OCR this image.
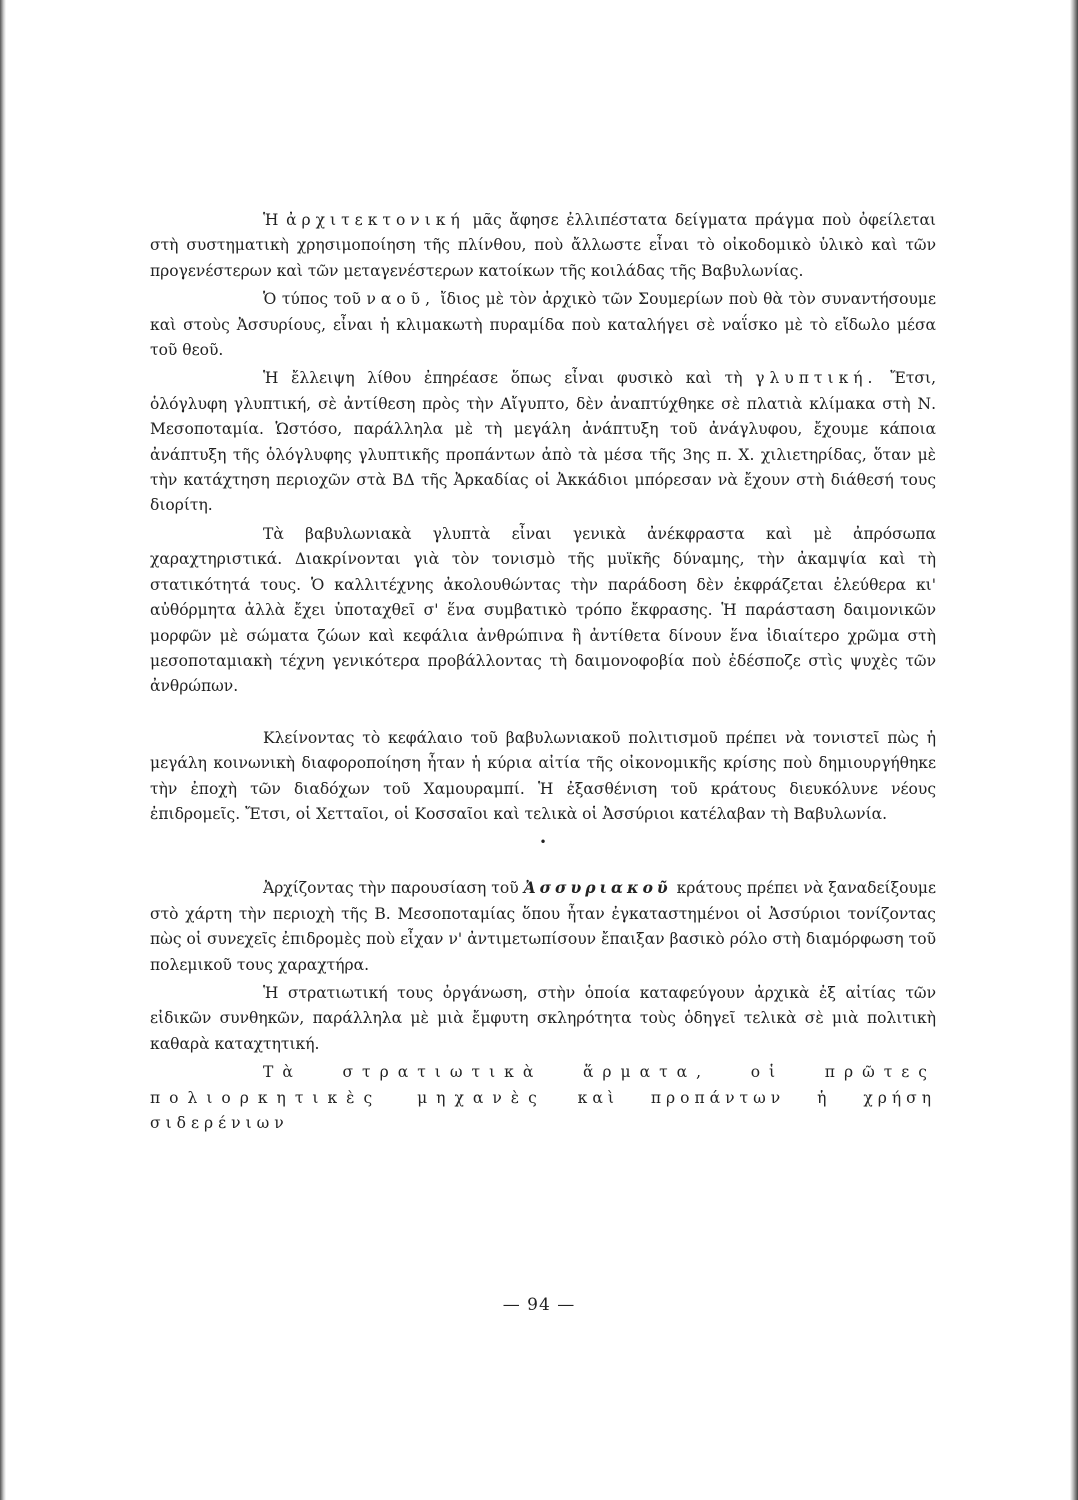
Ἡ ἀρχιτεκτονική μᾶς ἄφησε ἐλλιπέστατα δείγματα πράγμα ποὺ ὀφείλεται στὴ συστηματικὴ χρησιμοποίηση τῆς πλίνθου, ποὺ ἄλλωστε εἶναι τὸ οἰκοδομικὸ ὑλικὸ καὶ τῶν προγενέστερων καὶ τῶν μεταγενέστερων κατοίκων τῆς κοιλάδας τῆς Βαβυλωνίας.

Ὁ τύπος τοῦ ναοῦ, ἴδιος μὲ τὸν ἀρχικὸ τῶν Σουμερίων ποὺ θὰ τὸν συναντήσουμε καὶ στοὺς Ἀσσυρίους, εἶναι ἡ κλιμακωτὴ πυραμίδα ποὺ καταλήγει σὲ ναΐσκο μὲ τὸ εἴδωλο μέσα τοῦ θεοῦ.

Ἡ ἔλλειψη λίθου ἐπηρέασε ὅπως εἶναι φυσικὸ καὶ τὴ γλυπτική. Ἔτσι, ὁλόγλυφη γλυπτική, σὲ ἀντίθεση πρὸς τὴν Αἴγυπτο, δὲν ἀναπτύχθηκε σὲ πλατιὰ κλίμακα στὴ Ν. Μεσοποταμία. Ὡστόσο, παράλληλα μὲ τὴ μεγάλη ἀνάπτυξη τοῦ ἀνάγλυφου, ἔχουμε κάποια ἀνάπτυξη τῆς ὁλόγλυφης γλυπτικῆς προπάντων ἀπὸ τὰ μέσα τῆς 3ης π. Χ. χιλιετηρίδας, ὅταν μὲ τὴν κατάχτηση περιοχῶν στὰ ΒΔ τῆς Ἀρκαδίας οἱ Ἀκκάδιοι μπόρεσαν νὰ ἔχουν στὴ διάθεσή τους διορίτη.

Τὰ βαβυλωνιακὰ γλυπτὰ εἶναι γενικὰ ἀνέκφραστα καὶ μὲ ἀπρόσωπα χαραχτηριστικά. Διακρίνονται γιὰ τὸν τονισμὸ τῆς μυϊκῆς δύναμης, τὴν ἀκαμψία καὶ τὴ στατικότητά τους. Ὁ καλλιτέχνης ἀκολουθώντας τὴν παράδοση δὲν ἐκφράζεται ἐλεύθερα κι' αὐθόρμητα ἀλλὰ ἔχει ὑποταχθεῖ σ' ἕνα συμβατικὸ τρόπο ἔκφρασης. Ἡ παράσταση δαιμονικῶν μορφῶν μὲ σώματα ζώων καὶ κεφάλια ἀνθρώπινα ἢ ἀντίθετα δίνουν ἕνα ἰδιαίτερο χρῶμα στὴ μεσοποταμιακὴ τέχνη γενικότερα προβάλλοντας τὴ δαιμονοφοβία ποὺ ἐδέσποζε στὶς ψυχὲς τῶν ἀνθρώπων.

Κλείνοντας τὸ κεφάλαιο τοῦ βαβυλωνιακοῦ πολιτισμοῦ πρέπει νὰ τονιστεῖ πὼς ἡ μεγάλη κοινωνικὴ διαφοροποίηση ἦταν ἡ κύρια αἰτία τῆς οἰκονομικῆς κρίσης ποὺ δημιουργήθηκε τὴν ἐποχὴ τῶν διαδόχων τοῦ Χαμουραμπί. Ἡ ἐξασθένιση τοῦ κράτους διευκόλυνε νέους ἐπιδρομεῖς. Ἔτσι, οἱ Χετταῖοι, οἱ Κοσσαῖοι καὶ τελικὰ οἱ Ἀσσύριοι κατέλαβαν τὴ Βαβυλωνία.

•

Ἀρχίζοντας τὴν παρουσίαση τοῦ Ἀσσυριακοῦ κράτους πρέπει νὰ ξαναδείξουμε στὸ χάρτη τὴν περιοχὴ τῆς Β. Μεσοποταμίας ὅπου ἦταν ἐγκαταστημένοι οἱ Ἀσσύριοι τονίζοντας πὼς οἱ συνεχεῖς ἐπιδρομὲς ποὺ εἶχαν ν' ἀντιμετωπίσουν ἔπαιξαν βασικὸ ρόλο στὴ διαμόρφωση τοῦ πολεμικοῦ τους χαραχτήρα.

Ἡ στρατιωτική τους ὀργάνωση, στὴν ὁποία καταφεύγουν ἀρχικὰ ἐξ αἰτίας τῶν εἰδικῶν συνθηκῶν, παράλληλα μὲ μιὰ ἔμφυτη σκληρότητα τοὺς ὁδηγεῖ τελικὰ σὲ μιὰ πολιτικὴ καθαρὰ καταχτητική.

Τὰ στρατιωτικὰ ἅρματα, οἱ πρῶτες πολιορκητικὲς μηχανὲς καὶ προπάντων ἡ χρήση σιδερένιων

— 94 —
